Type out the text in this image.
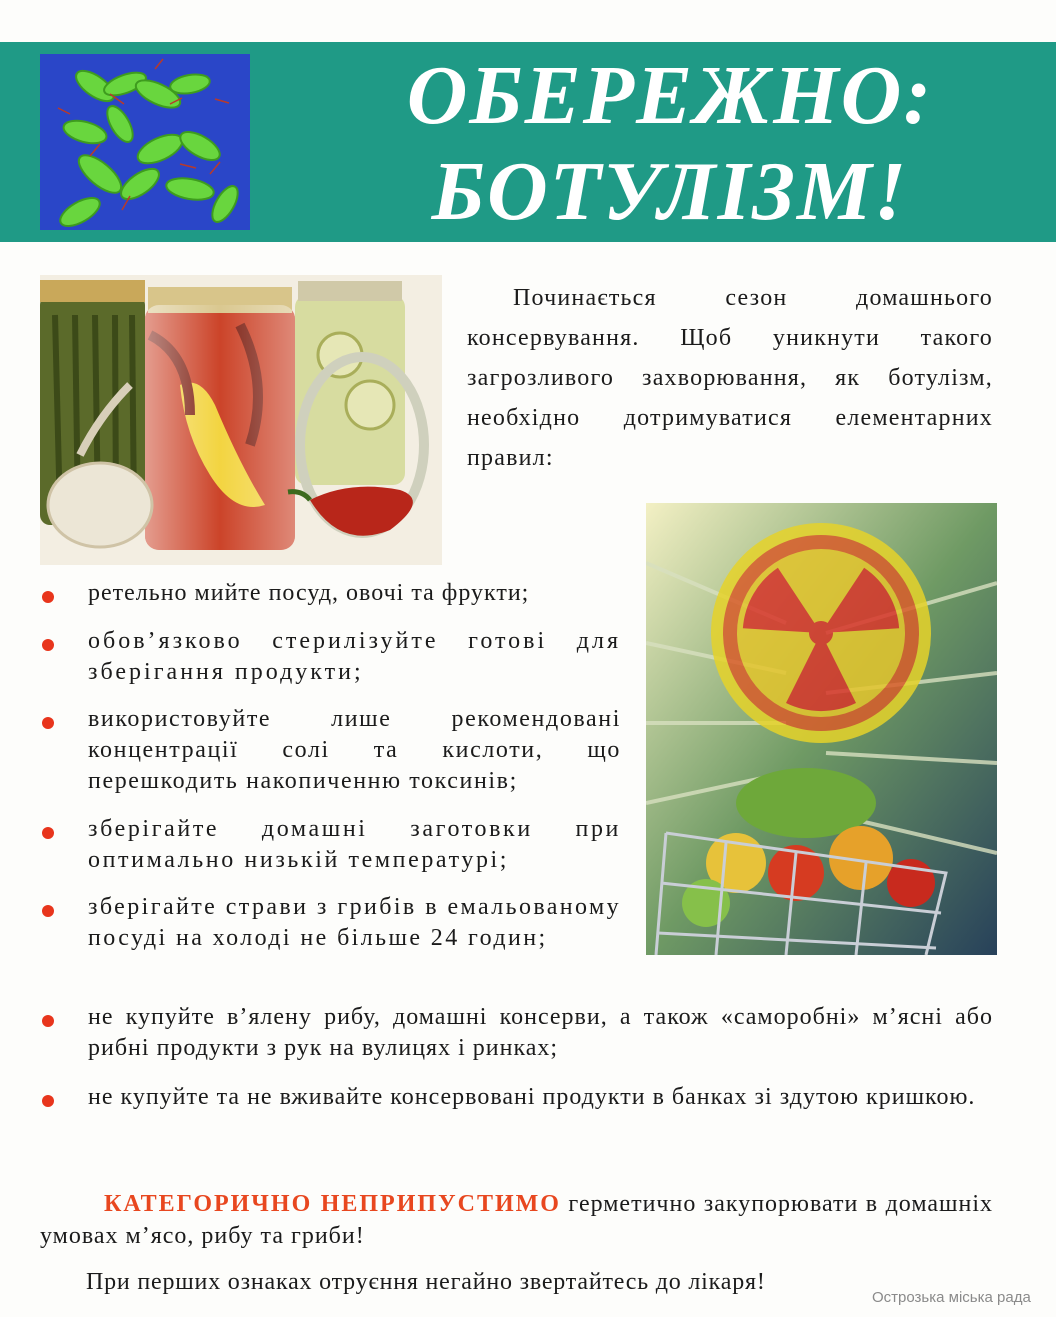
ОБЕРЕЖНО:
БОТУЛІЗМ!

Починається сезон домашнього консервування. Щоб уникнути такого загрозливого захворювання, як ботулізм, необхідно дотримуватися елементарних правил:

ретельно мийте посуд, овочі та фрукти;
обов’язково стерилізуйте готові для зберігання продукти;
використовуйте лише рекомендовані концентрації солі та кислоти, що перешкодить накопиченню токсинів;
зберігайте домашні заготовки при оптимально низькій температурі;
зберігайте страви з грибів в емальованому посуді на холоді не більше 24 годин;
не купуйте в’ялену рибу, домашні консерви, а також «саморобні» м’ясні або рибні продукти з рук на вулицях і ринках;
не купуйте та не вживайте консервовані продукти в банках зі здутою кришкою.

КАТЕГОРИЧНО НЕПРИПУСТИМО герметично закупорювати в домашніх умовах м’ясо, рибу та гриби!

При перших ознаках отруєння негайно звертайтесь до лікаря!
Острозька міська рада
